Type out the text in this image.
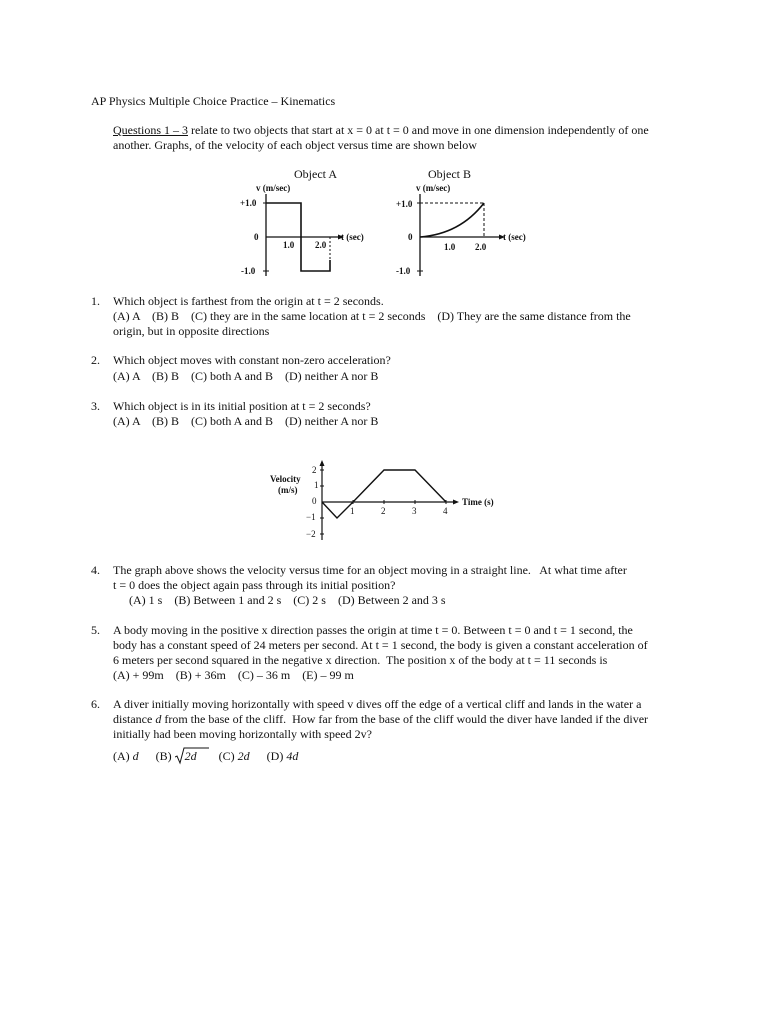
AP Physics Multiple Choice Practice – Kinematics
Questions 1 – 3 relate to two objects that start at x = 0 at t = 0 and move in one dimension independently of one
another. Graphs, of the velocity of each object versus time are shown below
Object A	Object B
v (m/sec)
t (sec)
+1.0
0
-1.0
1.0 2.0
v (m/sec)
t (sec)
+1.0
0
-1.0
1.0 2.0
1. Which object is farthest from the origin at t = 2 seconds.
(A) A    (B) B    (C) they are in the same location at t = 2 seconds    (D) They are the same distance from the
origin, but in opposite directions
2. Which object moves with constant non-zero acceleration?
(A) A    (B) B    (C) both A and B    (D) neither A nor B
3. Which object is in its initial position at t = 2 seconds?
(A) A    (B) B    (C) both A and B    (D) neither A nor B
Velocity
(m/s)
Time (s)
2
1
0
−1
−2
1	2	3	4
4. The graph above shows the velocity versus time for an object moving in a straight line.   At what time after
t = 0 does the object again pass through its initial position?
(A) 1 s    (B) Between 1 and 2 s    (C) 2 s    (D) Between 2 and 3 s
5. A body moving in the positive x direction passes the origin at time t = 0. Between t = 0 and t = 1 second, the
body has a constant speed of 24 meters per second. At t = 1 second, the body is given a constant acceleration of
6 meters per second squared in the negative x direction.  The position x of the body at t = 11 seconds is
(A) + 99m    (B) + 36m    (C) – 36 m    (E) – 99 m
6. A diver initially moving horizontally with speed v dives off the edge of a vertical cliff and lands in the water a
distance d from the base of the cliff.  How far from the base of the cliff would the diver have landed if the diver
initially had been moving horizontally with speed 2v?
(A) d (B)
2d (C) 2d (D) 4d
